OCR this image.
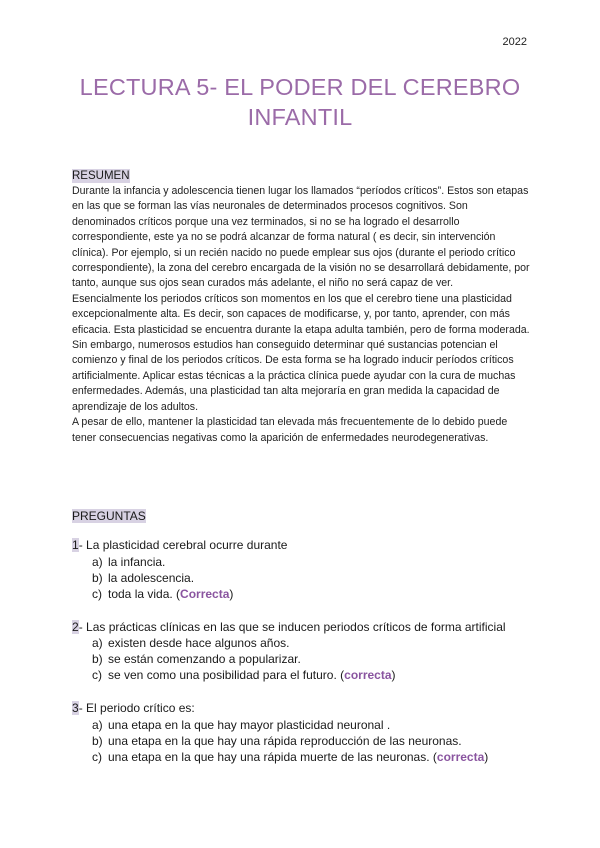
2022
LECTURA 5- EL PODER DEL CEREBRO
INFANTIL
RESUMEN

Durante la infancia y adolescencia tienen lugar los llamados “períodos críticos”. Estos son etapas en las que se forman las vías neuronales de determinados procesos cognitivos. Son denominados críticos porque una vez terminados, si no se ha logrado el desarrollo correspondiente, este ya no se podrá alcanzar de forma natural ( es decir, sin intervención clínica). Por ejemplo, si un recién nacido no puede emplear sus ojos (durante el periodo crítico correspondiente), la zona del cerebro encargada de la visión no se desarrollará debidamente, por tanto, aunque sus ojos sean curados más adelante, el niño no será capaz de ver.

Esencialmente los periodos críticos son momentos en los que el cerebro tiene una plasticidad excepcionalmente alta. Es decir, son capaces de modificarse, y, por tanto, aprender, con más eficacia. Esta plasticidad se encuentra durante la etapa adulta también, pero de forma moderada.

Sin embargo, numerosos estudios han conseguido determinar qué sustancias potencian el comienzo y final de los periodos críticos. De esta forma se ha logrado inducir períodos críticos artificialmente. Aplicar estas técnicas a la práctica clínica puede ayudar con la cura de muchas enfermedades. Además, una plasticidad tan alta mejoraría en gran medida la capacidad de aprendizaje de los adultos.

A pesar de ello, mantener la plasticidad tan elevada más frecuentemente de lo debido puede tener consecuencias negativas como la aparición de enfermedades neurodegenerativas.

PREGUNTAS

1- La plasticidad cerebral ocurre durante

a) la infancia.
b) la adolescencia.
c) toda la vida. ( Correcta )

2- Las prácticas clínicas en las que se inducen periodos críticos de forma artificial

a) existen desde hace algunos años.
b) se están comenzando a popularizar.
c) se ven como una posibilidad para el futuro. ( correcta )

3- El periodo crítico es:

a) una etapa en la que hay mayor plasticidad neuronal .
b) una etapa en la que hay una rápida reproducción de las neuronas.
c) una etapa en la que hay una rápida muerte de las neuronas. ( correcta )
